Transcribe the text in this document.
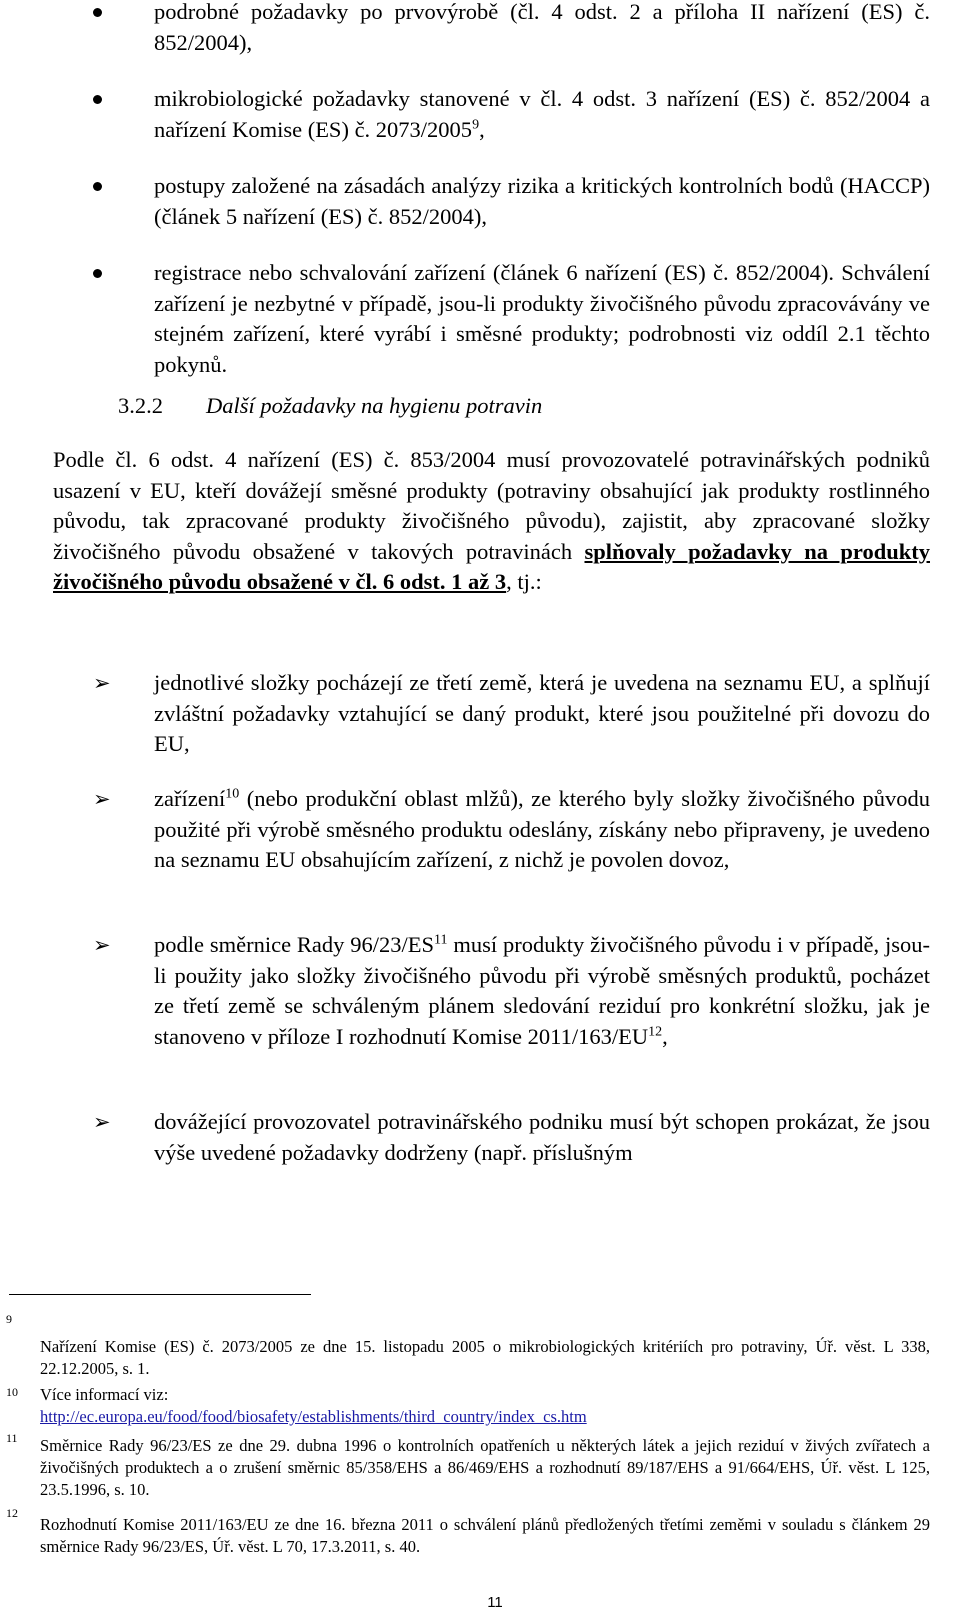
podrobné požadavky po prvovýrobě (čl. 4 odst. 2 a příloha II nařízení (ES) č. 852/2004),
mikrobiologické požadavky stanovené v čl. 4 odst. 3 nařízení (ES) č. 852/2004 a nařízení Komise (ES) č. 2073/2005$^9$,
postupy založené na zásadách analýzy rizika a kritických kontrolních bodů (HACCP) (článek 5 nařízení (ES) č. 852/2004),
registrace nebo schvalování zařízení (článek 6 nařízení (ES) č. 852/2004). Schválení zařízení je nezbytné v případě, jsou-li produkty živočišného původu zpracovávány ve stejném zařízení, které vyrábí i směsné produkty; podrobnosti viz oddíl 2.1 těchto pokynů.
3.2.2 Další požadavky na hygienu potravin
Podle čl. 6 odst. 4 nařízení (ES) č. 853/2004 musí provozovatelé potravinářských podniků usazení v EU, kteří dovážejí směsné produkty (potraviny obsahující jak produkty rostlinného původu, tak zpracované produkty živočišného původu), zajistit, aby zpracované složky živočišného původu obsažené v takových potravinách splňovaly požadavky na produkty živočišného původu obsažené v čl. 6 odst. 1 až 3, tj.:
➢ jednotlivé složky pocházejí ze třetí země, která je uvedena na seznamu EU, a splňují zvláštní požadavky vztahující se daný produkt, které jsou použitelné při dovozu do EU,
➢ zařízení$^{10}$ (nebo produkční oblast mlžů), ze kterého byly složky živočišného původu použité při výrobě směsného produktu odeslány, získány nebo připraveny, je uvedeno na seznamu EU obsahujícím zařízení, z nichž je povolen dovoz,
➢ podle směrnice Rady 96/23/ES$^{11}$ musí produkty živočišného původu i v případě, jsou-li použity jako složky živočišného původu při výrobě směsných produktů, pocházet ze třetí země se schváleným plánem sledování reziduí pro konkrétní složku, jak je stanoveno v příloze I rozhodnutí Komise 2011/163/EU$^{12}$,
➢ dovážející provozovatel potravinářského podniku musí být schopen prokázat, že jsou výše uvedené požadavky dodrženy (např. příslušným
9
Nařízení Komise (ES) č. 2073/2005 ze dne 15. listopadu 2005 o mikrobiologických kritériích pro potraviny, Úř. věst. L 338, 22.12.2005, s. 1.
10 Více informací viz:
http://ec.europa.eu/food/food/biosafety/establishments/third_country/index_cs.htm
11 Směrnice Rady 96/23/ES ze dne 29. dubna 1996 o kontrolních opatřeních u některých látek a jejich reziduí v živých zvířatech a živočišných produktech a o zrušení směrnic 85/358/EHS a 86/469/EHS a rozhodnutí 89/187/EHS a 91/664/EHS, Úř. věst. L 125, 23.5.1996, s. 10.
12
Rozhodnutí Komise 2011/163/EU ze dne 16. března 2011 o schválení plánů předložených třetími zeměmi v souladu s článkem 29 směrnice Rady 96/23/ES, Úř. věst. L 70, 17.3.2011, s. 40.
11
